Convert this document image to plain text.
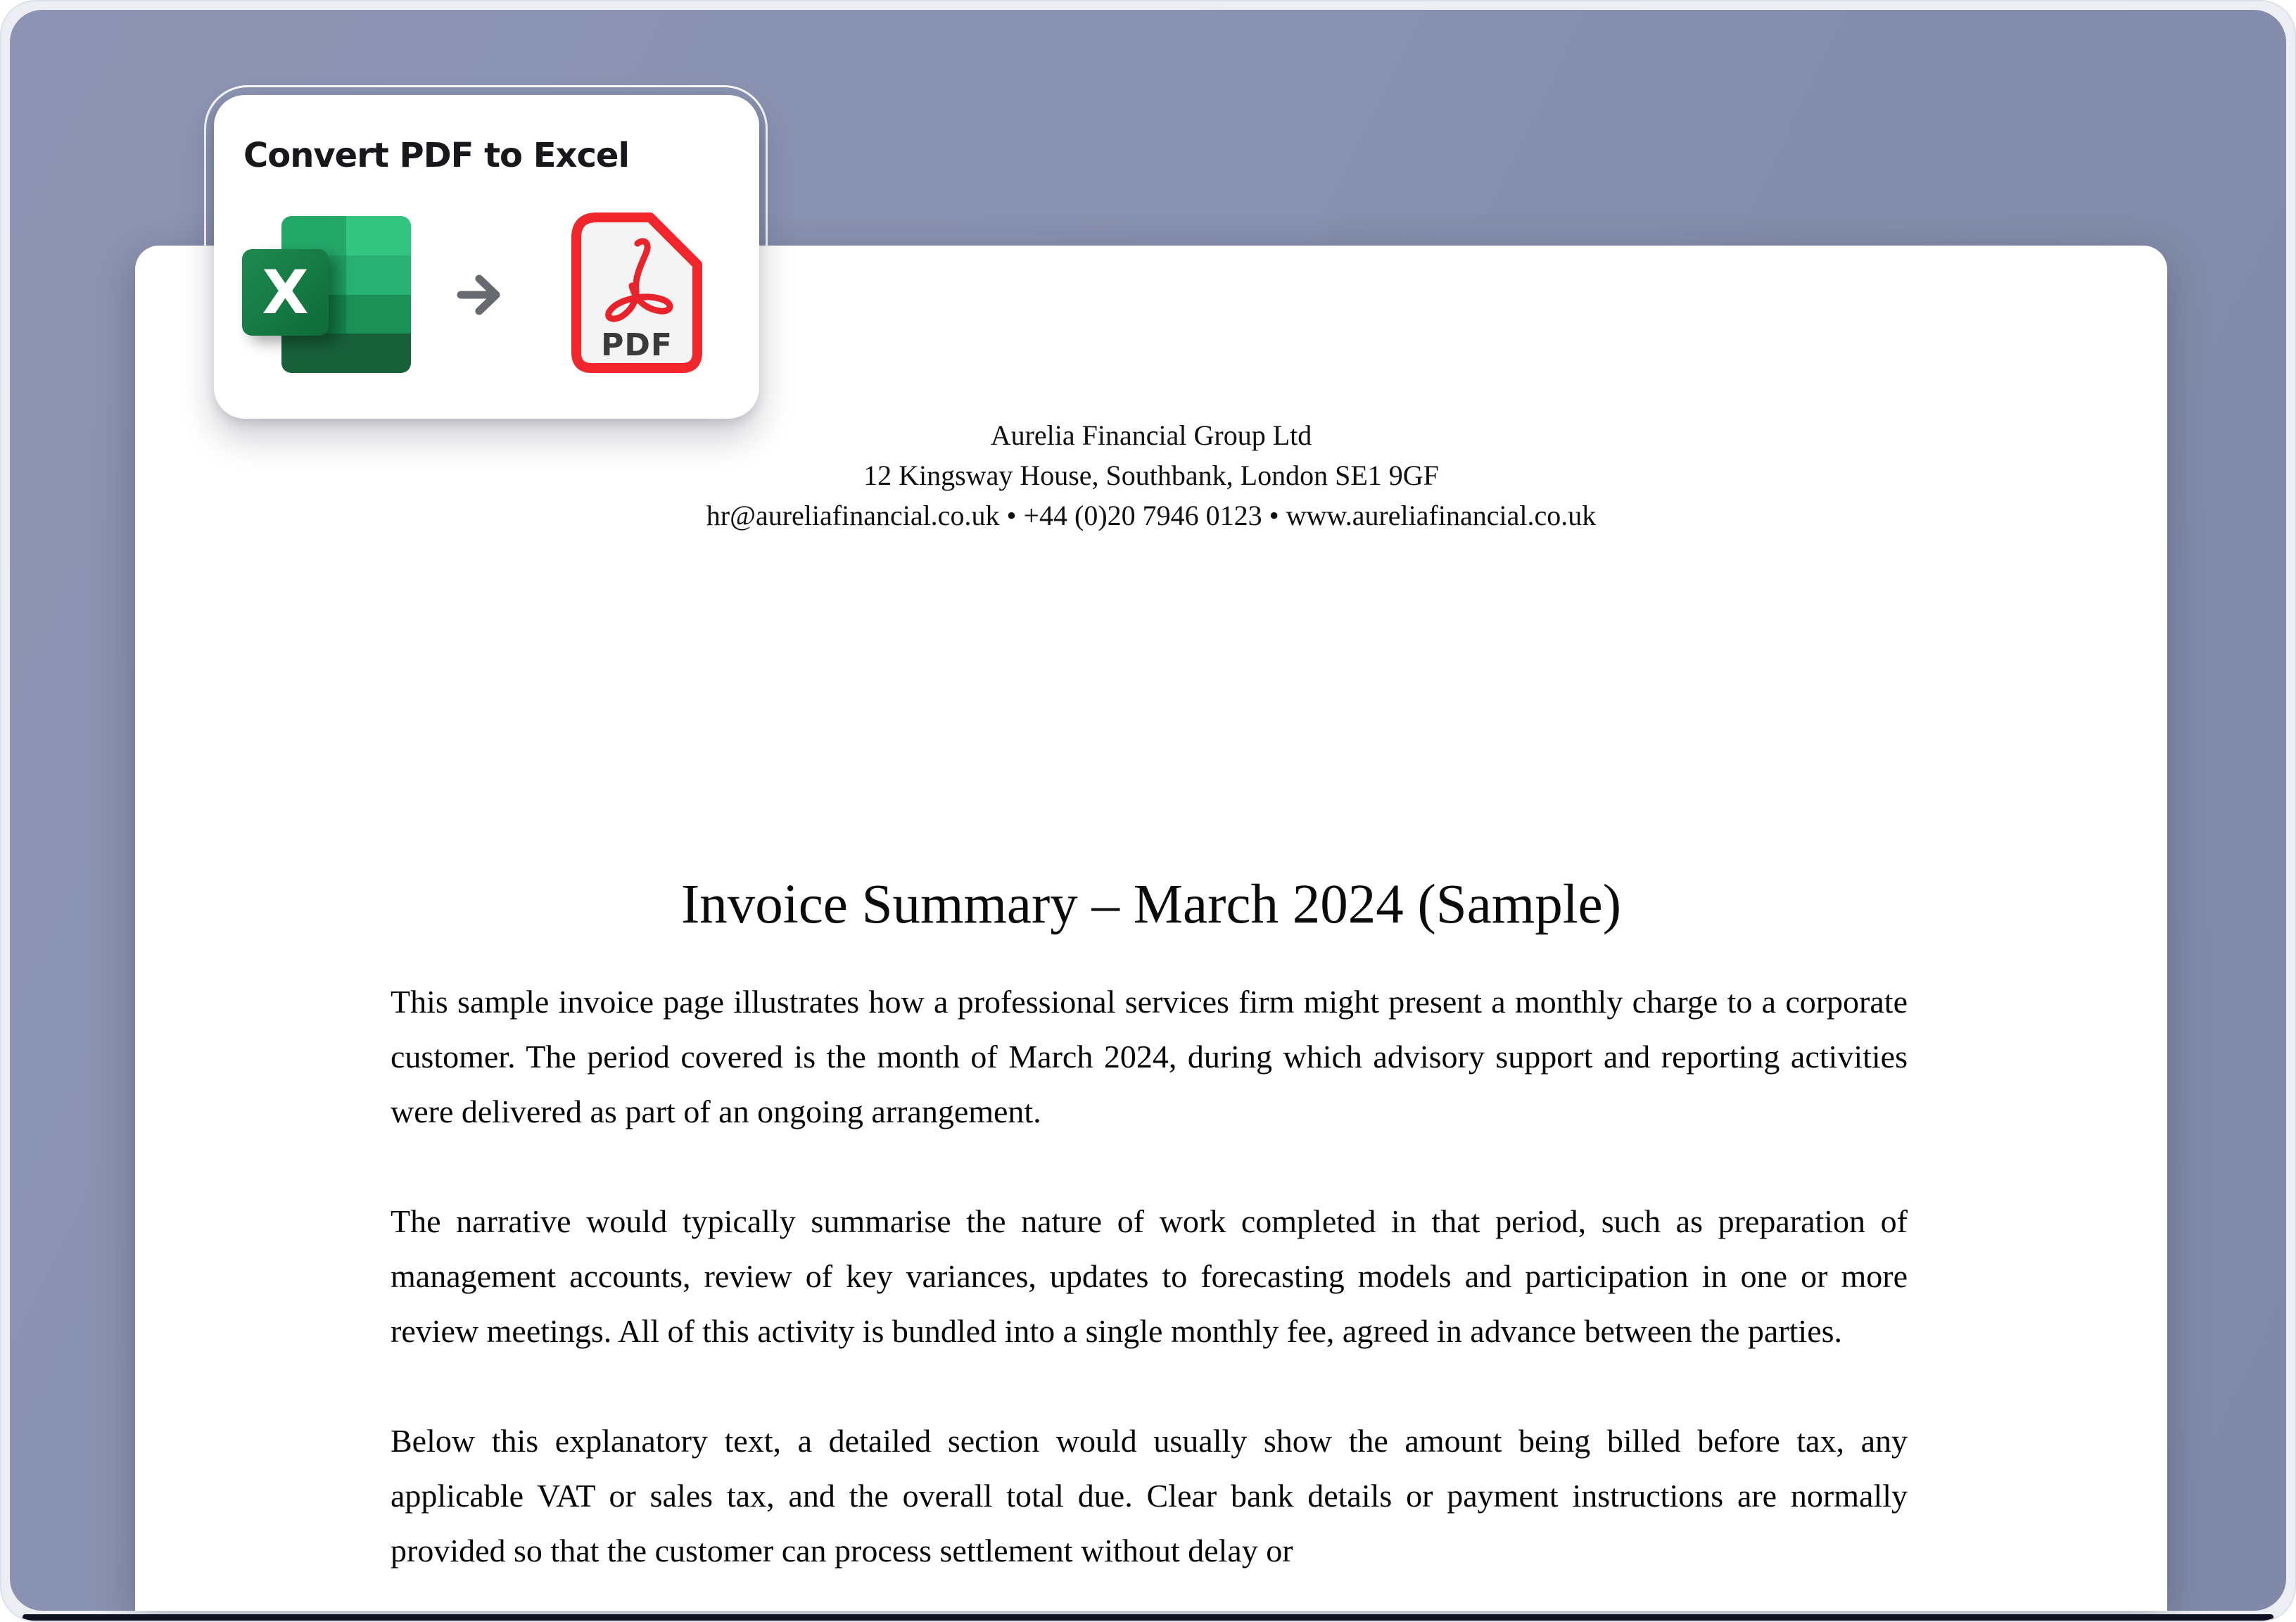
Aurelia Financial Group Ltd
12 Kingsway House, Southbank, London SE1 9GF
hr@aureliafinancial.co.uk • +44 (0)20 7946 0123 • www.aureliafinancial.co.uk
Invoice Summary – March 2024 (Sample)

This sample invoice page illustrates how a professional services firm might present a monthly charge to a corporate customer. The period covered is the month of March 2024, during which advisory support and reporting activities were delivered as part of an ongoing arrangement.

The narrative would typically summarise the nature of work completed in that period, such as preparation of management accounts, review of key variances, updates to forecasting models and participation in one or more review meetings. All of this activity is bundled into a single monthly fee, agreed in advance between the parties.

Below this explanatory text, a detailed section would usually show the amount being billed before tax, any applicable VAT or sales tax, and the overall total due. Clear bank details or payment instructions are normally provided so that the customer can process settlement without delay or

Convert PDF to Excel
X
PDF
